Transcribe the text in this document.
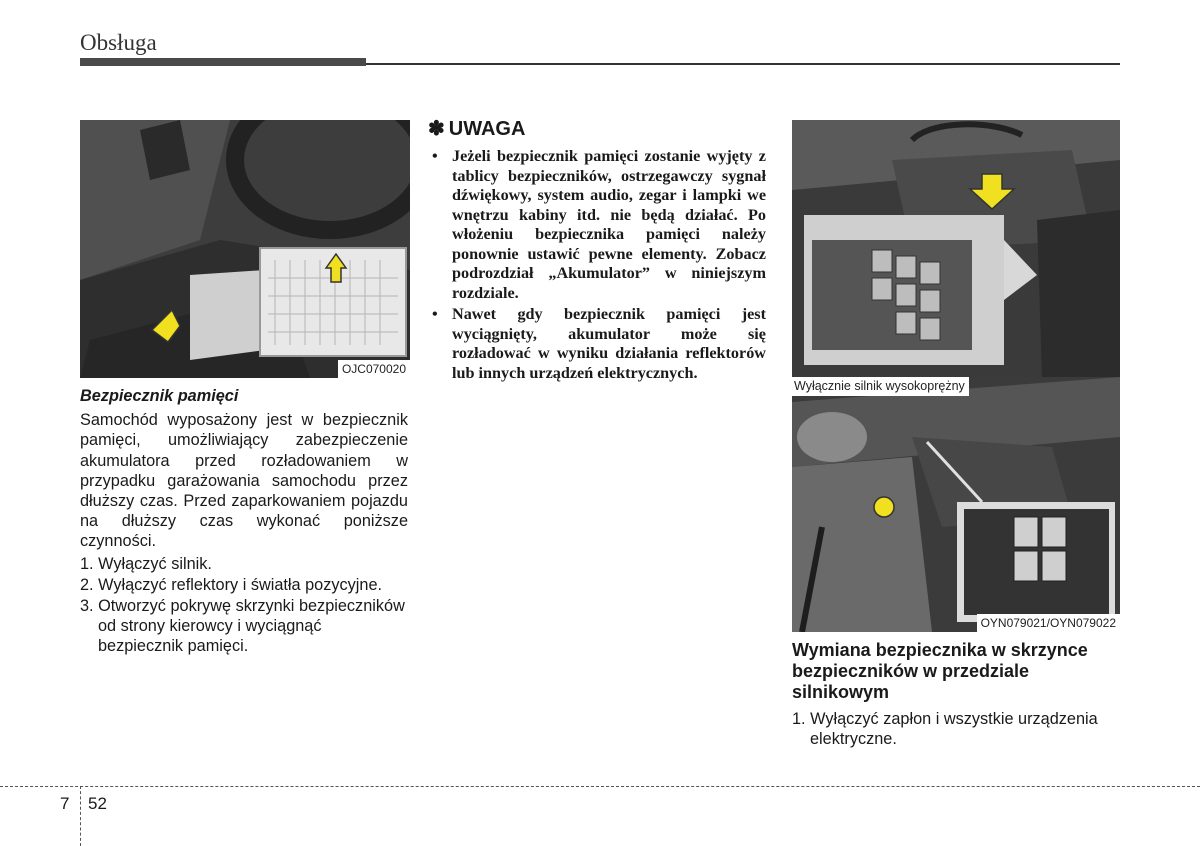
Obsługa
OJC070020
Bezpiecznik pamięci
Samochód wyposażony jest w bezpiecznik pamięci, umożliwiający zabezpieczenie akumulatora przed rozładowaniem w przypadku garażowania samochodu przez dłuższy czas. Przed zaparkowaniem pojazdu na dłuższy czas wykonać poniższe czynności.
1. Wyłączyć silnik.
2. Wyłączyć reflektory i światła pozycyjne.
3. Otworzyć pokrywę skrzynki bezpieczników od strony kierowcy i wyciągnąć bezpiecznik pamięci.
✽ UWAGA
• Jeżeli bezpiecznik pamięci zostanie wyjęty z tablicy bezpieczników, ostrzegawczy sygnał dźwiękowy, system audio, zegar i lampki we wnętrzu kabiny itd. nie będą działać. Po włożeniu bezpiecznika pamięci należy ponownie ustawić pewne elementy. Zobacz podrozdział „Akumulator” w niniejszym rozdziale.
• Nawet gdy bezpiecznik pamięci jest wyciągnięty, akumulator może się rozładować w wyniku działania reflektorów lub innych urządzeń elektrycznych.
Wyłącznie silnik wysokoprężny
OYN079021/OYN079022
Wymiana bezpiecznika w skrzynce bezpieczników w przedziale silnikowym
1. Wyłączyć zapłon i wszystkie urządzenia elektryczne.
7 52
